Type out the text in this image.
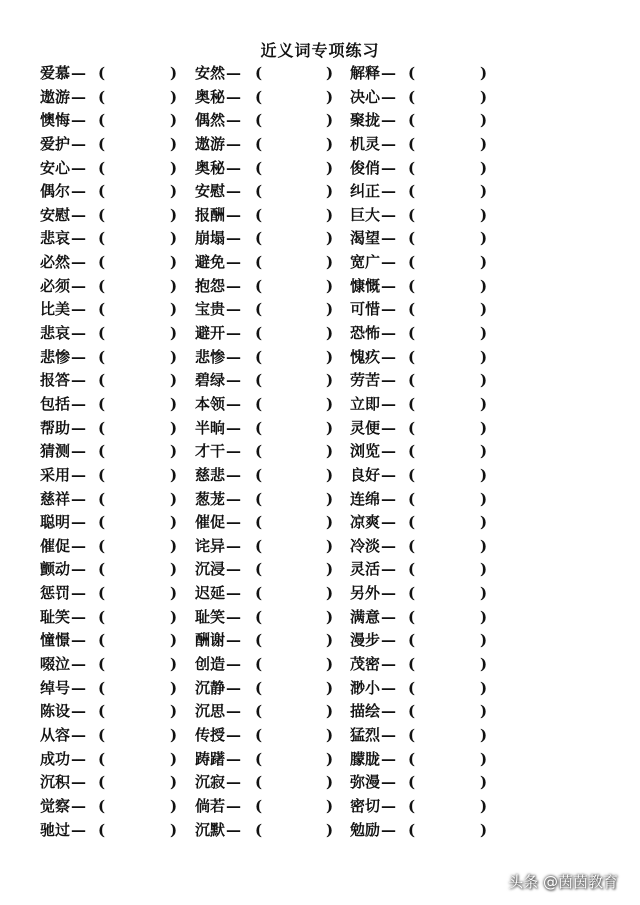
近义词专项练习
爱慕— (	) 安然— (	) 解释— (	)
遨游— (	) 奥秘— (	) 决心— (	)
懊悔— (	) 偶然— (	) 聚拢— (	)
爱护— (	) 遨游— (	) 机灵— (	)
安心— (	) 奥秘— (	) 俊俏— (	)
偶尔— (	) 安慰— (	) 纠正— (	)
安慰— (	) 报酬— (	) 巨大— (	)
悲哀— (	) 崩塌— (	) 渴望— (	)
必然— (	) 避免— (	) 宽广— (	)
必须— (	) 抱怨— (	) 慷慨— (	)
比美— (	) 宝贵— (	) 可惜— (	)
悲哀— (	) 避开— (	) 恐怖— (	)
悲惨— (	) 悲惨— (	) 愧疚— (	)
报答— (	) 碧绿— (	) 劳苦— (	)
包括— (	) 本领— (	) 立即— (	)
帮助— (	) 半晌— (	) 灵便— (	)
猜测— (	) 才干— (	) 浏览— (	)
采用— (	) 慈悲— (	) 良好— (	)
慈祥— (	) 葱茏— (	) 连绵— (	)
聪明— (	) 催促— (	) 凉爽— (	)
催促— (	) 诧异— (	) 冷淡— (	)
颤动— (	) 沉浸— (	) 灵活— (	)
惩罚— (	) 迟延— (	) 另外— (	)
耻笑— (	) 耻笑— (	) 满意— (	)
憧憬— (	) 酬谢— (	) 漫步— (	)
啜泣— (	) 创造— (	) 茂密— (	)
绰号— (	) 沉静— (	) 渺小— (	)
陈设— (	) 沉思— (	) 描绘— (	)
从容— (	) 传授— (	) 猛烈— (	)
成功— (	) 踌躇— (	) 朦胧— (	)
沉积— (	) 沉寂— (	) 弥漫— (	)
觉察— (	) 倘若— (	) 密切— (	)
驰过— (	) 沉默— (	) 勉励— (	)
头条 @茵茵教育
